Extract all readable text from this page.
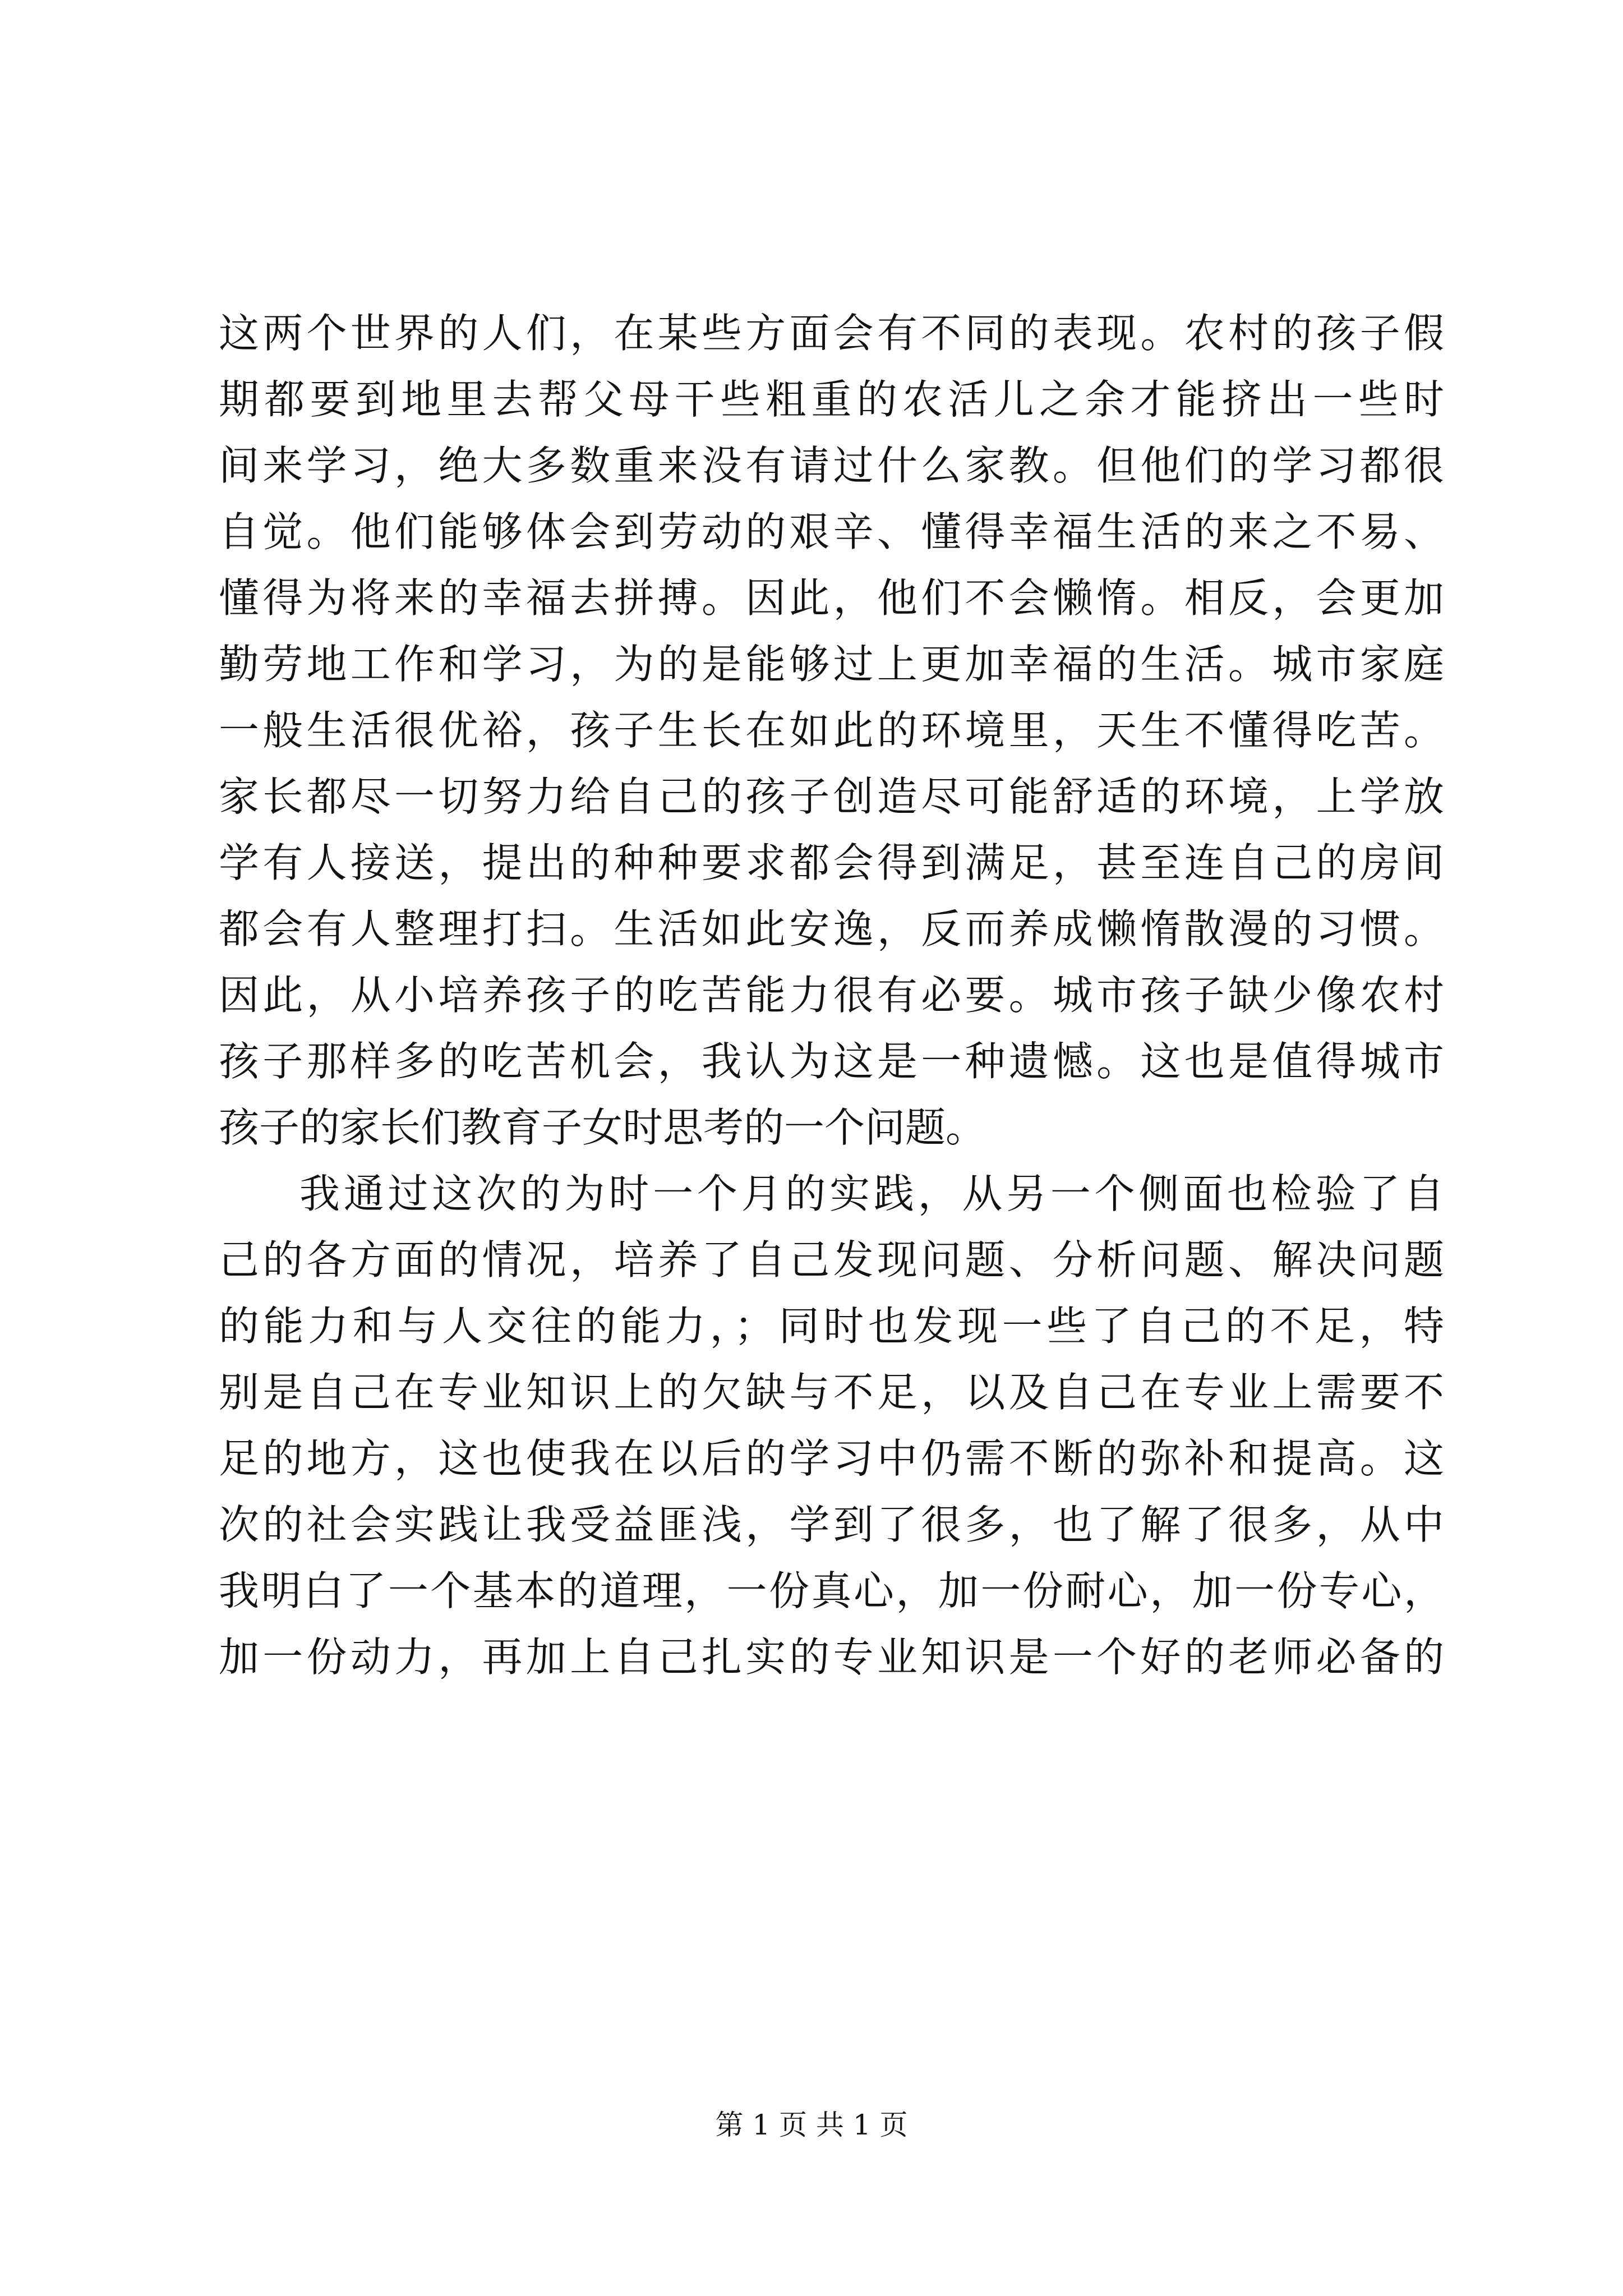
这两个世界的人们，在某些方面会有不同的表现。农村的孩子假
期都要到地里去帮父母干些粗重的农活儿之余才能挤出一些时
间来学习，绝大多数重来没有请过什么家教。但他们的学习都很
自觉。他们能够体会到劳动的艰辛、懂得幸福生活的来之不易、
懂得为将来的幸福去拼搏。因此，他们不会懒惰。相反，会更加
勤劳地工作和学习，为的是能够过上更加幸福的生活。城市家庭
一般生活很优裕，孩子生长在如此的环境里，天生不懂得吃苦。
家长都尽一切努力给自己的孩子创造尽可能舒适的环境，上学放
学有人接送，提出的种种要求都会得到满足，甚至连自己的房间
都会有人整理打扫。生活如此安逸，反而养成懒惰散漫的习惯。
因此，从小培养孩子的吃苦能力很有必要。城市孩子缺少像农村
孩子那样多的吃苦机会，我认为这是一种遗憾。这也是值得城市
孩子的家长们教育子女时思考的一个问题。
我通过这次的为时一个月的实践，从另一个侧面也检验了自
己的各方面的情况，培养了自己发现问题、分析问题、解决问题
的能力和与人交往的能力，；同时也发现一些了自己的不足，特
别是自己在专业知识上的欠缺与不足，以及自己在专业上需要不
足的地方，这也使我在以后的学习中仍需不断的弥补和提高。这
次的社会实践让我受益匪浅，学到了很多，也了解了很多，从中
我明白了一个基本的道理，一份真心，加一份耐心，加一份专心，
加一份动力，再加上自己扎实的专业知识是一个好的老师必备的
第 1 页 共 1 页
